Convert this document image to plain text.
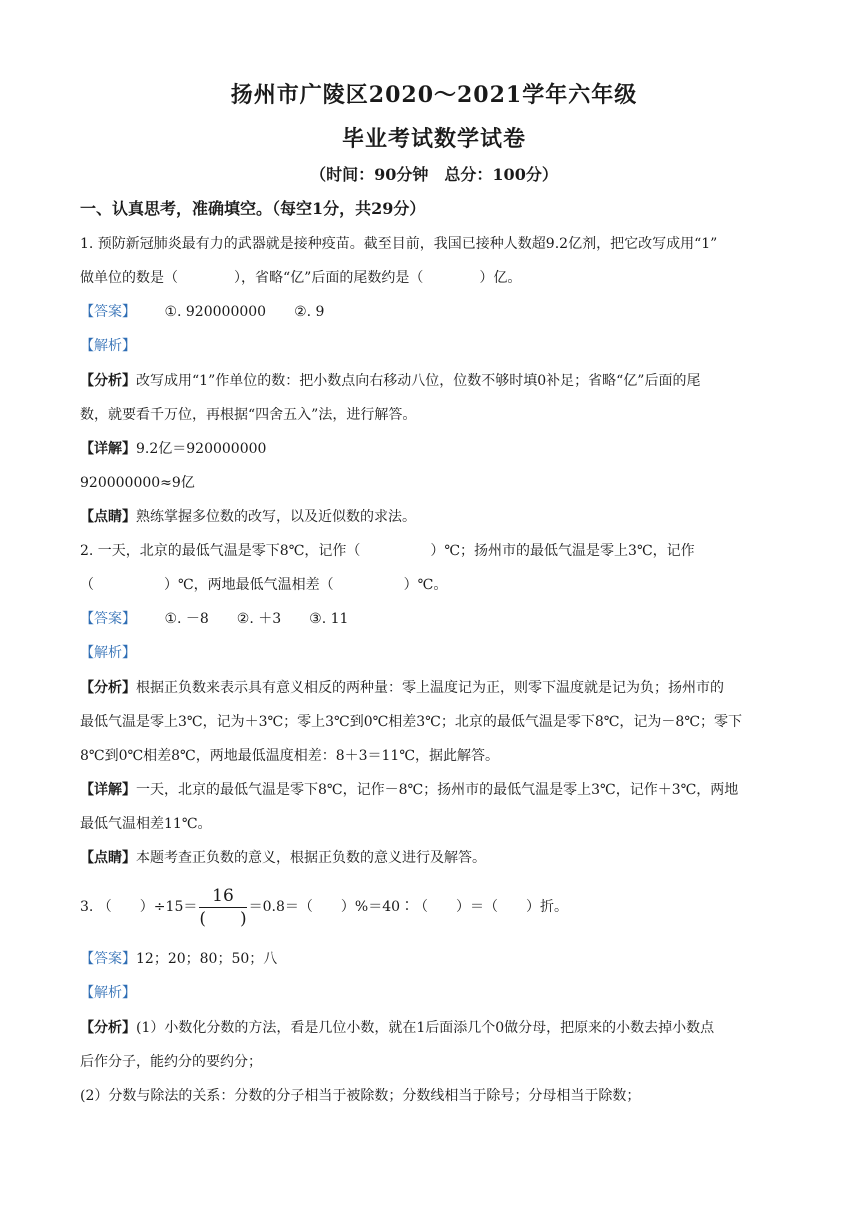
扬州市广陵区2020～2021学年六年级
毕业考试数学试卷
（时间：90分钟　总分：100分）
一、认真思考，准确填空。（每空1分，共29分）
1. 预防新冠肺炎最有力的武器就是接种疫苗。截至目前，我国已接种人数超9.2亿剂，把它改写成用“1”
做单位的数是（　　　　），省略“亿”后面的尾数约是（　　　　）亿。
【答案】 ①. 920000000　　②. 9
【解析】
【分析】改写成用“1”作单位的数：把小数点向右移动八位，位数不够时填0补足；省略“亿”后面的尾
数，就要看千万位，再根据“四舍五入”法，进行解答。
【详解】9.2亿＝920000000
920000000≈9亿
【点睛】熟练掌握多位数的改写，以及近似数的求法。
2. 一天，北京的最低气温是零下8℃，记作（　　　　　）℃；扬州市的最低气温是零上3℃，记作
（　　　　　）℃，两地最低气温相差（　　　　　）℃。
【答案】 ①. －8　　②. ＋3　　③. 11
【解析】
【分析】根据正负数来表示具有意义相反的两种量：零上温度记为正，则零下温度就是记为负；扬州市的
最低气温是零上3℃，记为＋3℃；零上3℃到0℃相差3℃；北京的最低气温是零下8℃，记为－8℃；零下
8℃到0℃相差8℃，两地最低温度相差：8＋3＝11℃，据此解答。
【详解】一天，北京的最低气温是零下8℃，记作－8℃；扬州市的最低气温是零上3℃，记作＋3℃，两地
最低气温相差11℃。
【点睛】本题考查正负数的意义，根据正负数的意义进行及解答。
3. （　　）$\div 15= \frac{16}{( )} =0.8=$（　　）%＝40∶（　　）＝（　　）折。
【答案】12；20；80；50；八
【解析】
【分析】(1）小数化分数的方法，看是几位小数，就在1后面添几个0做分母，把原来的小数去掉小数点
后作分子，能约分的要约分；
(2）分数与除法的关系：分数的分子相当于被除数；分数线相当于除号；分母相当于除数；
